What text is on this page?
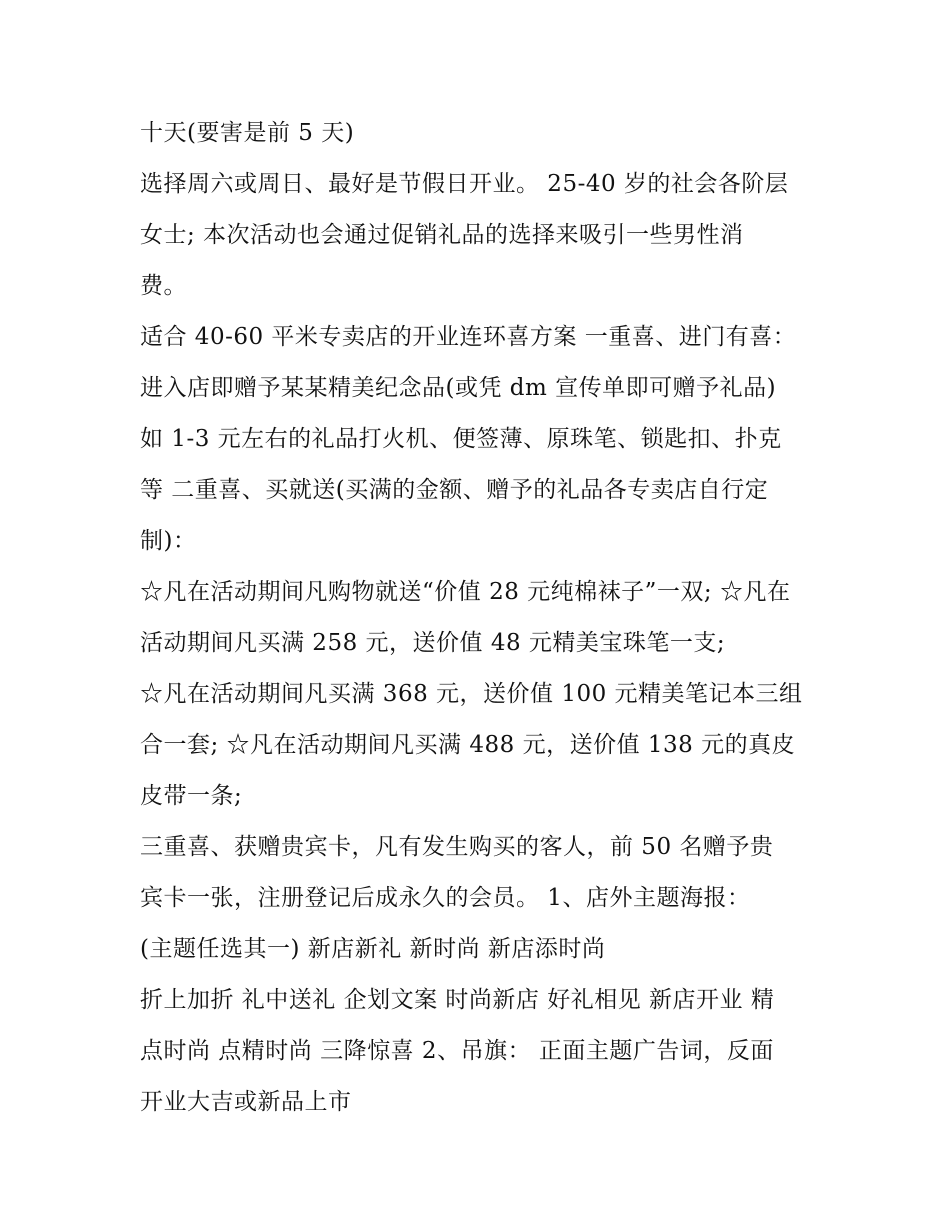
十天(要害是前 5 天)
选择周六或周日、最好是节假日开业。 25-40 岁的社会各阶层
女士; 本次活动也会通过促销礼品的选择来吸引一些男性消
费。
适合 40-60 平米专卖店的开业连环喜方案 一重喜、进门有喜：
进入店即赠予某某精美纪念品(或凭 dm 宣传单即可赠予礼品)
如 1-3 元左右的礼品打火机、便签薄、原珠笔、锁匙扣、扑克
等 二重喜、买就送(买满的金额、赠予的礼品各专卖店自行定
制)：
☆凡在活动期间凡购物就送“价值 28 元纯棉袜子”一双; ☆凡在
活动期间凡买满 258 元，送价值 48 元精美宝珠笔一支;
☆凡在活动期间凡买满 368 元，送价值 100 元精美笔记本三组
合一套; ☆凡在活动期间凡买满 488 元，送价值 138 元的真皮
皮带一条;
三重喜、获赠贵宾卡，凡有发生购买的客人，前 50 名赠予贵
宾卡一张，注册登记后成永久的会员。 1、店外主题海报：
(主题任选其一) 新店新礼 新时尚 新店添时尚
折上加折 礼中送礼 企划文案 时尚新店 好礼相见 新店开业 精
点时尚 点精时尚 三降惊喜 2、吊旗： 正面主题广告词，反面
开业大吉或新品上市
